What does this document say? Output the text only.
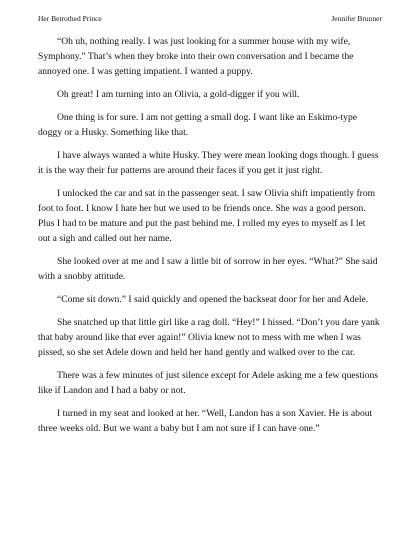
Her Betrothed Prince	Jennifer Brunner

“Oh uh, nothing really. I was just looking for a summer house with my wife, Symphony.” That’s when they broke into their own conversation and I became the annoyed one. I was getting impatient. I wanted a puppy.

Oh great! I am turning into an Olivia, a gold-digger if you will.

One thing is for sure. I am not getting a small dog. I want like an Eskimo-type doggy or a Husky. Something like that.

I have always wanted a white Husky. They were mean looking dogs though. I guess it is the way their fur patterns are around their faces if you get it just right.

I unlocked the car and sat in the passenger seat. I saw Olivia shift impatiently from foot to foot. I know I hate her but we used to be friends once. She was a good person. Plus I had to be mature and put the past behind me. I rolled my eyes to myself as I let out a sigh and called out her name.

She looked over at me and I saw a little bit of sorrow in her eyes. “What?” She said with a snobby attitude.

“Come sit down.” I said quickly and opened the backseat door for her and Adele.

She snatched up that little girl like a rag doll. “Hey!” I hissed. “Don’t you dare yank that baby around like that ever again!” Olivia knew not to mess with me when I was pissed, so she set Adele down and held her hand gently and walked over to the car.

There was a few minutes of just silence except for Adele asking me a few questions like if Landon and I had a baby or not.

I turned in my seat and looked at her. “Well, Landon has a son Xavier. He is about three weeks old. But we want a baby but I am not sure if I can have one.”
